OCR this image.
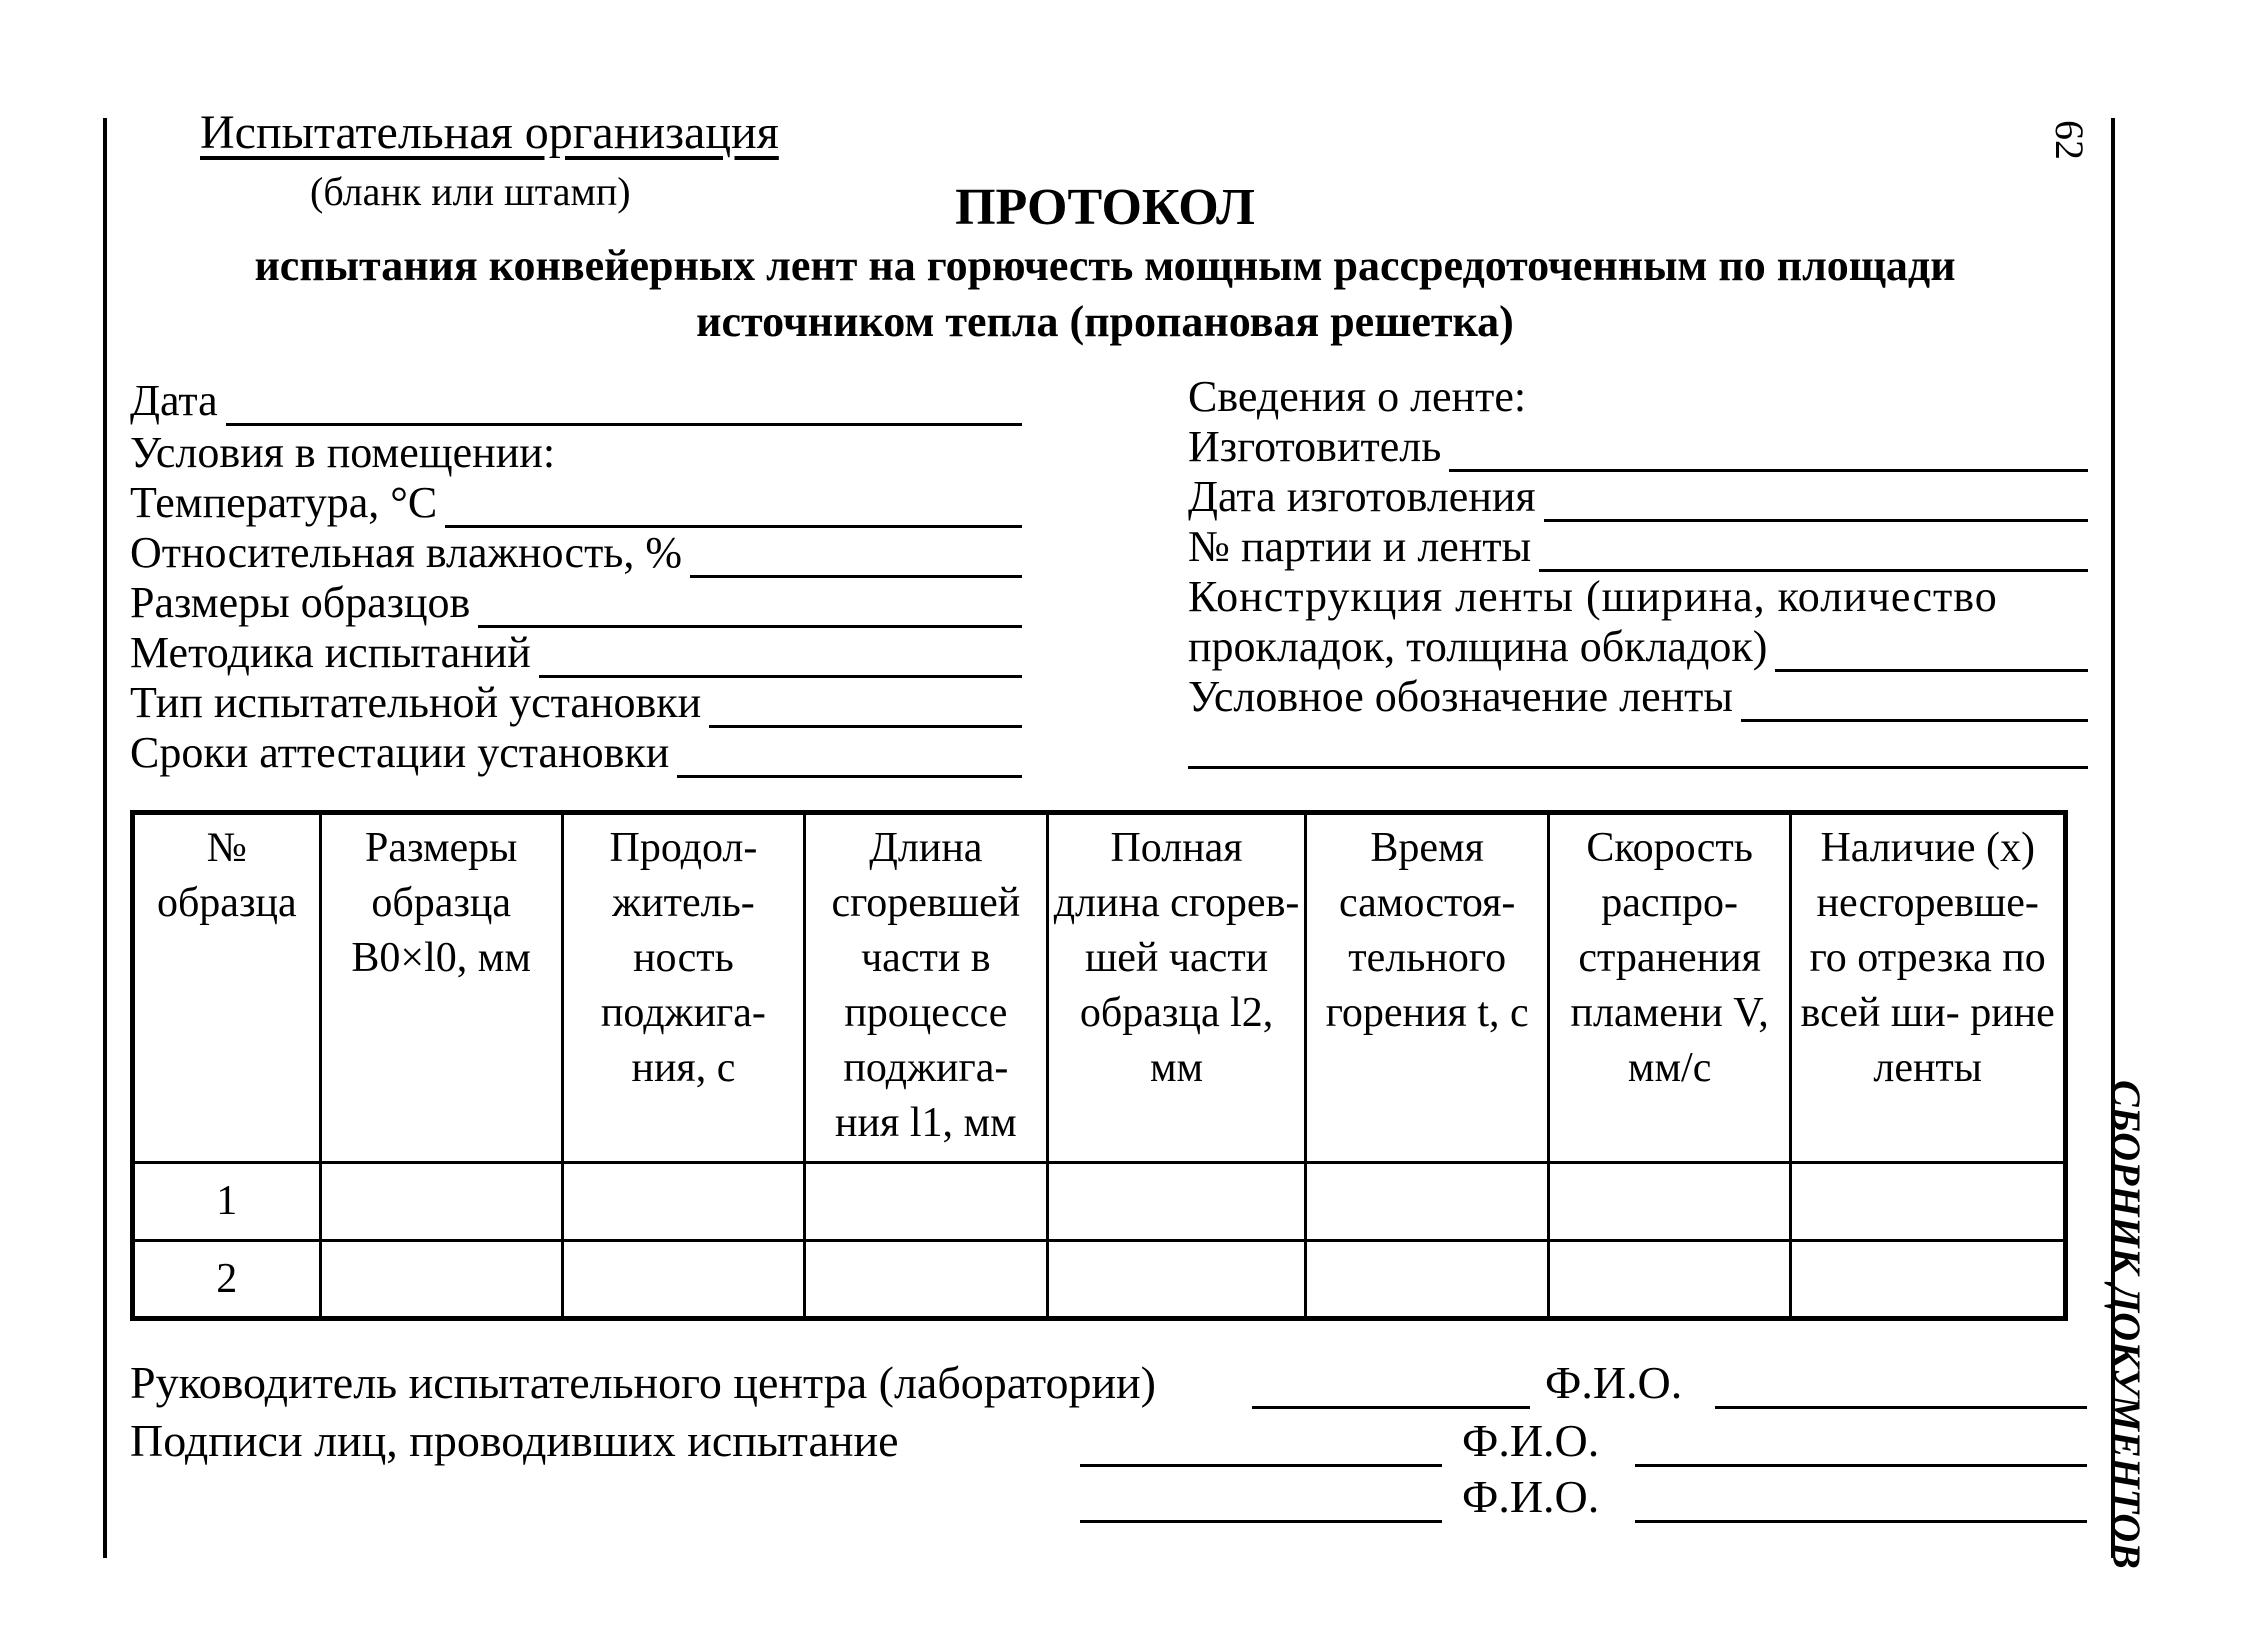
Испытательная организация
(бланк или штамп)	ПРОТОКОЛ
испытания конвейерных лент на горючесть мощным рассредоточенным по площади
источником тепла (пропановая решетка)
Дата
Условия в помещении:
Температура, °С
Относительная влажность, %
Размеры образцов
Методика испытаний
Тип испытательной установки
Сроки аттестации установки
Сведения о ленте:
Изготовитель
Дата изготовления
№ партии и ленты
Конструкция ленты (ширина, количество
прокладок, толщина обкладок)
Условное обозначение ленты
№ образца	Размеры образца B0×l0, мм	Продол- житель- ность поджига- ния, с	Длина сгоревшей части в процессе поджига- ния l1, мм	Полная длина сгорев- шей части образца l2, мм	Время самостоя- тельного горения t, с	Скорость распро- странения пламени V, мм/с	Наличие (х) несгоревше- го отрезка по всей ши- рине ленты
1							
2							
Руководитель испытательного центра (лаборатории)	Ф.И.О.
Подписи лиц, проводивших испытание	Ф.И.О.
Ф.И.О.
62
СБОРНИК ДОКУМЕНТОВ
